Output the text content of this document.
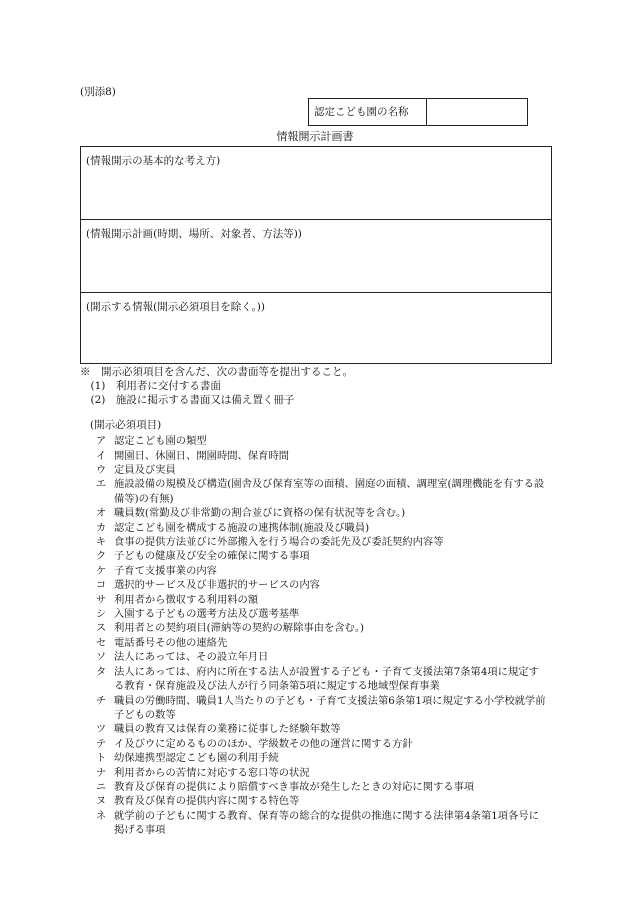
(別添8)
認定こども園の名称
情報開示計画書
(情報開示の基本的な考え方)
(情報開示計画(時期、場所、対象者、方法等))
(開示する情報(開示必須項目を除く。))
※　開示必須項目を含んだ、次の書面等を提出すること。
　(1)　利用者に交付する書面
　(2)　施設に掲示する書面又は備え置く冊子
(開示必須項目)
ア 認定こども園の類型
イ 開園日、休園日、開園時間、保育時間
ウ 定員及び実員
エ 施設設備の規模及び構造(園舎及び保育室等の面積、園庭の面積、調理室(調理機能を有する設備等)の有無)
オ 職員数(常勤及び非常勤の割合並びに資格の保有状況等を含む。)
カ 認定こども園を構成する施設の連携体制(施設及び職員)
キ 食事の提供方法並びに外部搬入を行う場合の委託先及び委託契約内容等
ク 子どもの健康及び安全の確保に関する事項
ケ 子育て支援事業の内容
コ 選択的サービス及び非選択的サービスの内容
サ 利用者から徴収する利用料の額
シ 入園する子どもの選考方法及び選考基準
ス 利用者との契約項目(滞納等の契約の解除事由を含む。)
セ 電話番号その他の連絡先
ソ 法人にあっては、その設立年月日
タ 法人にあっては、府内に所在する法人が設置する子ども・子育て支援法第7条第4項に規定する教育・保育施設及び法人が行う同条第5項に規定する地域型保育事業
チ 職員の労働時間、職員1人当たりの子ども・子育て支援法第6条第1項に規定する小学校就学前子どもの数等
ツ 職員の教育又は保育の業務に従事した経験年数等
テ イ及びウに定めるもののほか、学級数その他の運営に関する方針
ト 幼保連携型認定こども園の利用手続
ナ 利用者からの苦情に対応する窓口等の状況
ニ 教育及び保育の提供により賠償すべき事故が発生したときの対応に関する事項
ヌ 教育及び保育の提供内容に関する特色等
ネ 就学前の子どもに関する教育、保育等の総合的な提供の推進に関する法律第4条第1項各号に掲げる事項
